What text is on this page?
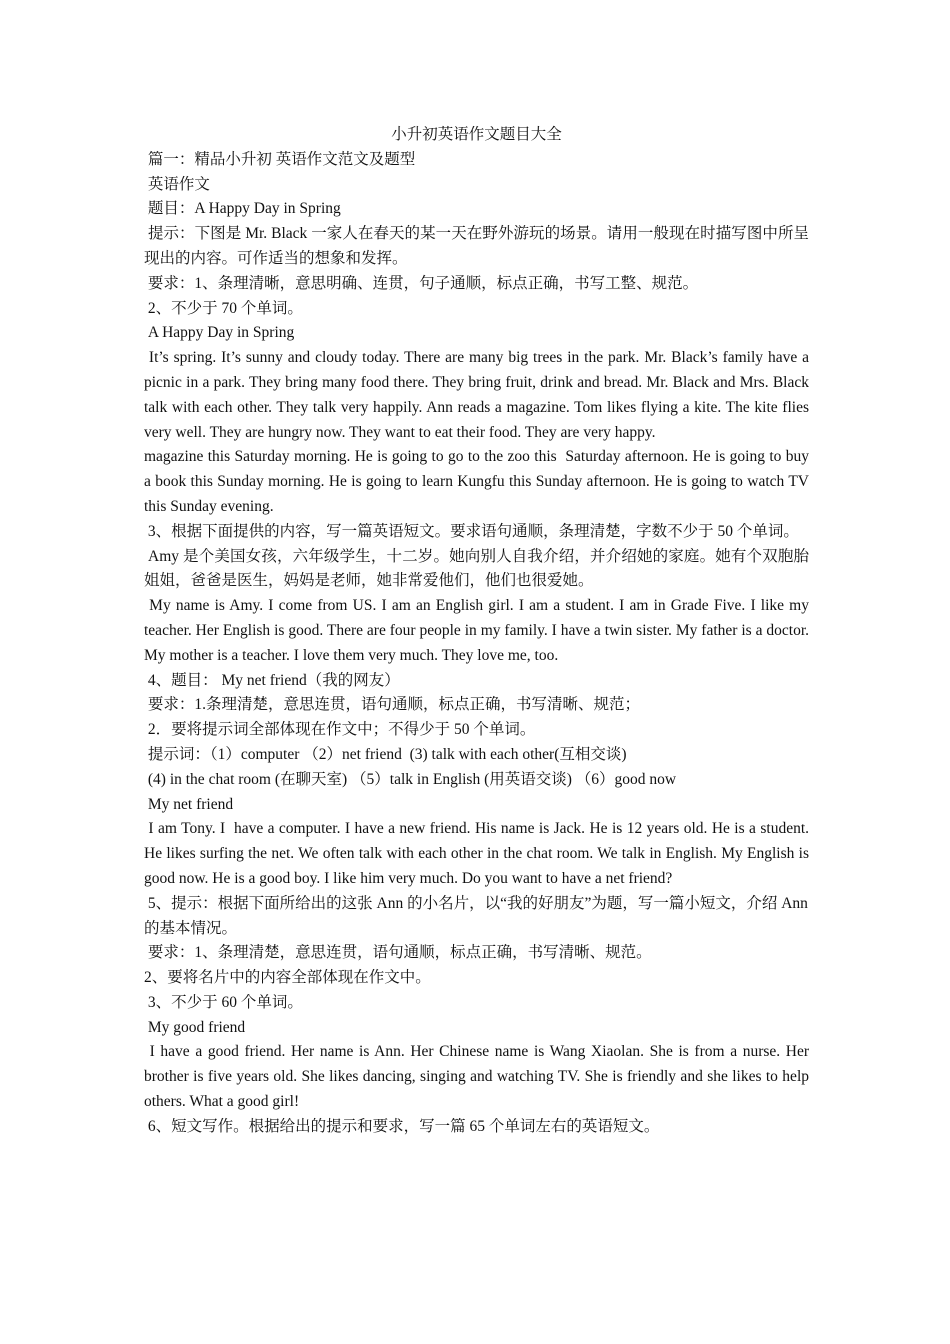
小升初英语作文题目大全

篇一：精品小升初 英语作文范文及题型

英语作文

题目：A Happy Day in Spring

提示：下图是 Mr. Black 一家人在春天的某一天在野外游玩的场景。请用一般现在时描写图中所呈现出的内容。可作适当的想象和发挥。

要求：1、条理清晰，意思明确、连贯，句子通顺，标点正确，书写工整、规范。

2、不少于 70 个单词。

A Happy Day in Spring

It’s spring. It’s sunny and cloudy today. There are many big trees in the park. Mr. Black’s family have a picnic in a park. They bring many food there. They bring fruit, drink and bread. Mr. Black and Mrs. Black talk with each other. They talk very happily. Ann reads a magazine. Tom likes flying a kite. The kite flies very well. They are hungry now. They want to eat their food. They are very happy.

magazine this Saturday morning. He is going to go to the zoo this  Saturday afternoon. He is going to buy a book this Sunday morning. He is going to learn Kungfu this Sunday afternoon. He is going to watch TV this Sunday evening.

3、根据下面提供的内容，写一篇英语短文。要求语句通顺，条理清楚，字数不少于 50 个单词。

Amy 是个美国女孩，六年级学生，十二岁。她向别人自我介绍，并介绍她的家庭。她有个双胞胎姐姐，爸爸是医生，妈妈是老师，她非常爱他们，他们也很爱她。

My name is Amy. I come from US. I am an English girl. I am a student. I am in Grade Five. I like my teacher. Her English is good. There are four people in my family. I have a twin sister. My father is a doctor. My mother is a teacher. I love them very much. They love me, too.

4、题目： My net friend（我的网友）

要求：1.条理清楚，意思连贯，语句通顺，标点正确，书写清晰、规范；

2．要将提示词全部体现在作文中；不得少于 50 个单词。

提示词：（1）computer （2）net friend  (3) talk with each other(互相交谈)

(4) in the chat room (在聊天室) （5）talk in English (用英语交谈) （6）good now

My net friend

I am Tony. I  have a computer. I have a new friend. His name is Jack. He is 12 years old. He is a student. He likes surfing the net. We often talk with each other in the chat room. We talk in English. My English is good now. He is a good boy. I like him very much. Do you want to have a net friend?

5、提示：根据下面所给出的这张 Ann 的小名片，以“我的好朋友”为题，写一篇小短文，介绍 Ann 的基本情况。

要求：1、条理清楚，意思连贯，语句通顺，标点正确，书写清晰、规范。

2、要将名片中的内容全部体现在作文中。

3、不少于 60 个单词。

My good friend

I have a good friend. Her name is Ann. Her Chinese name is Wang Xiaolan. She is from a nurse. Her brother is five years old. She likes dancing, singing and watching TV. She is friendly and she likes to help others. What a good girl!

6、短文写作。根据给出的提示和要求，写一篇 65 个单词左右的英语短文。
